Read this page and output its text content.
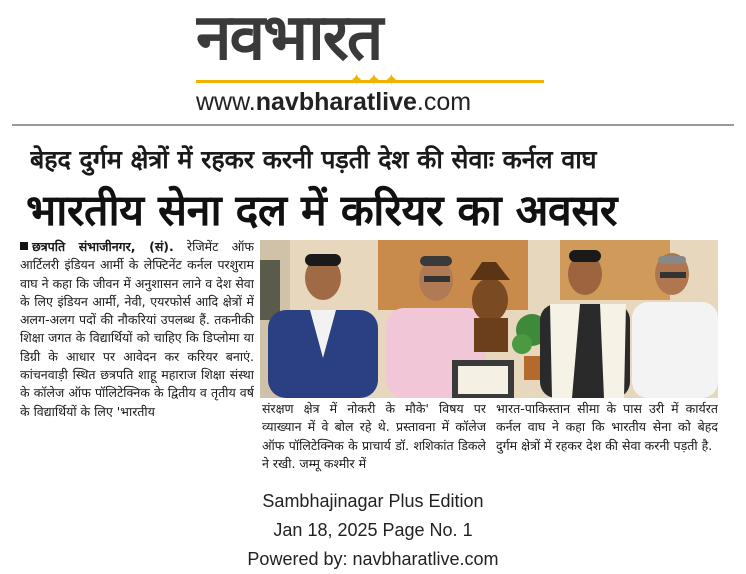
नवभारत
www.navbharatlive.com
बेहद दुर्गम क्षेत्रों में रहकर करनी पड़ती देश की सेवाः कर्नल वाघ
भारतीय सेना दल में करियर का अवसर
छत्रपति संभाजीनगर, (सं). रेजिमेंट ऑफ आर्टिलरी इंडियन आर्मी के लेफ्टिनेंट कर्नल परशुराम वाघ ने कहा कि जीवन में अनुशासन लाने व देश सेवा के लिए इंडियन आर्मी, नेवी, एयरफोर्स आदि क्षेत्रों में अलग-अलग पदों की नौकरियां उपलब्ध हैं. तकनीकी शिक्षा जगत के विद्यार्थियों को चाहिए कि डिप्लोमा या डिग्री के आधार पर आवेदन कर करियर बनाएं. कांचनवाड़ी स्थित छत्रपति शाहू महाराज शिक्षा संस्था के कॉलेज ऑफ पॉलिटेक्निक के द्वितीय व तृतीय वर्ष के विद्यार्थियों के लिए 'भारतीय	संरक्षण क्षेत्र में नोकरी के मौके' विषय पर व्याख्यान में वे बोल रहे थे. प्रस्तावना में कॉलेज ऑफ पॉलिटेक्निक के प्राचार्य डॉ. शशिकांत डिकले ने रखी. जम्मू कश्मीर में
भारत-पाकिस्तान सीमा के पास उरी में कार्यरत कर्नल वाघ ने कहा कि भारतीय सेना को बेहद दुर्गम क्षेत्रों में रहकर देश की सेवा करनी पड़ती है.
Sambhajinagar Plus Edition
Jan 18, 2025 Page No. 1
Powered by: navbharatlive.com
